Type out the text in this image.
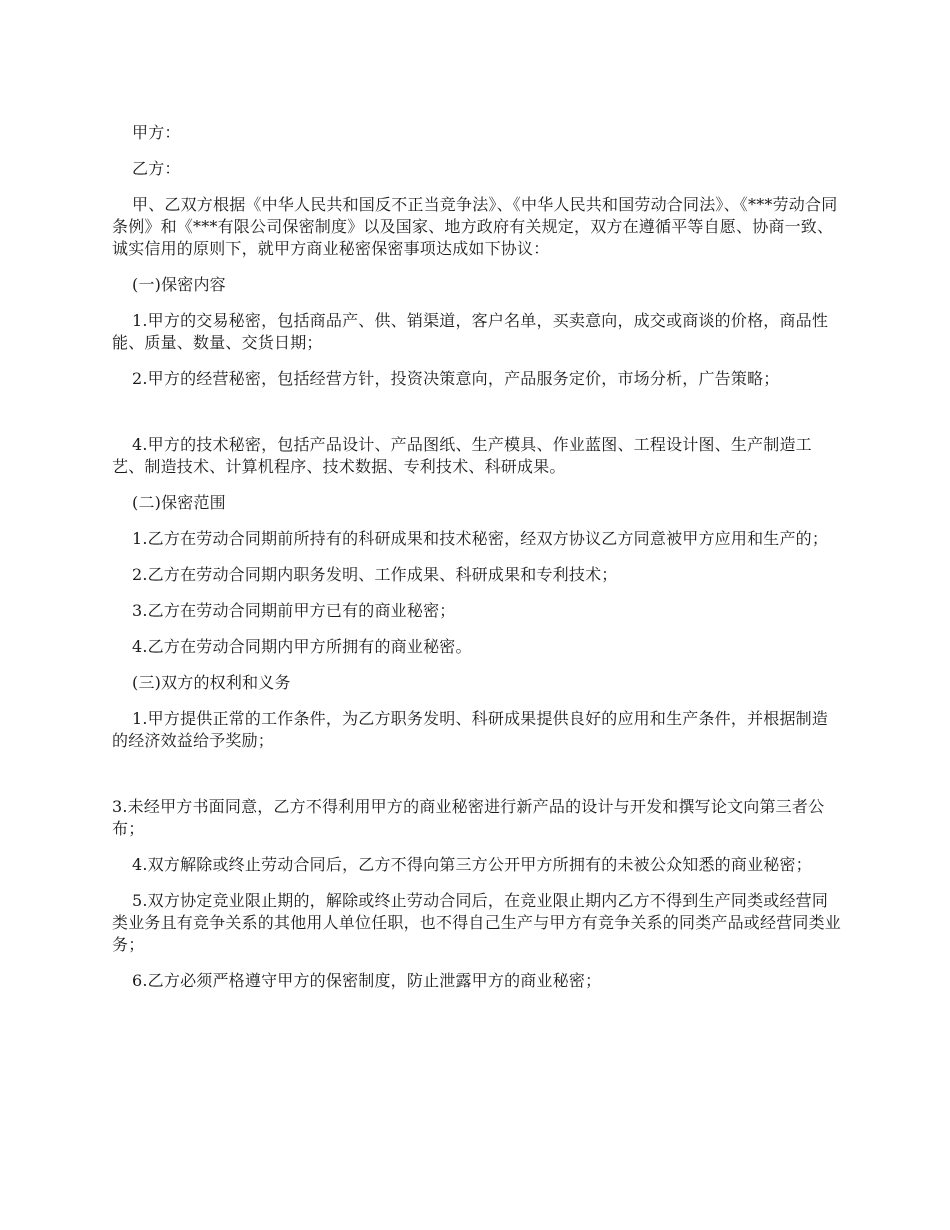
甲方：

乙方：

甲、乙双方根据《中华人民共和国反不正当竞争法》、《中华人民共和国劳动合同法》、《***劳动合同条例》和《***有限公司保密制度》以及国家、地方政府有关规定，双方在遵循平等自愿、协商一致、诚实信用的原则下，就甲方商业秘密保密事项达成如下协议：

(一)保密内容

1.甲方的交易秘密，包括商品产、供、销渠道，客户名单，买卖意向，成交或商谈的价格，商品性能、质量、数量、交货日期；

2.甲方的经营秘密，包括经营方针，投资决策意向，产品服务定价，市场分析，广告策略；

4.甲方的技术秘密，包括产品设计、产品图纸、生产模具、作业蓝图、工程设计图、生产制造工艺、制造技术、计算机程序、技术数据、专利技术、科研成果。

(二)保密范围

1.乙方在劳动合同期前所持有的科研成果和技术秘密，经双方协议乙方同意被甲方应用和生产的；

2.乙方在劳动合同期内职务发明、工作成果、科研成果和专利技术；

3.乙方在劳动合同期前甲方已有的商业秘密；

4.乙方在劳动合同期内甲方所拥有的商业秘密。

(三)双方的权利和义务

1.甲方提供正常的工作条件，为乙方职务发明、科研成果提供良好的应用和生产条件，并根据制造的经济效益给予奖励；

3.未经甲方书面同意，乙方不得利用甲方的商业秘密进行新产品的设计与开发和撰写论文向第三者公布；

4.双方解除或终止劳动合同后，乙方不得向第三方公开甲方所拥有的未被公众知悉的商业秘密；

5.双方协定竞业限止期的，解除或终止劳动合同后，在竞业限止期内乙方不得到生产同类或经营同类业务且有竞争关系的其他用人单位任职，也不得自己生产与甲方有竞争关系的同类产品或经营同类业务；

6.乙方必须严格遵守甲方的保密制度，防止泄露甲方的商业秘密；
